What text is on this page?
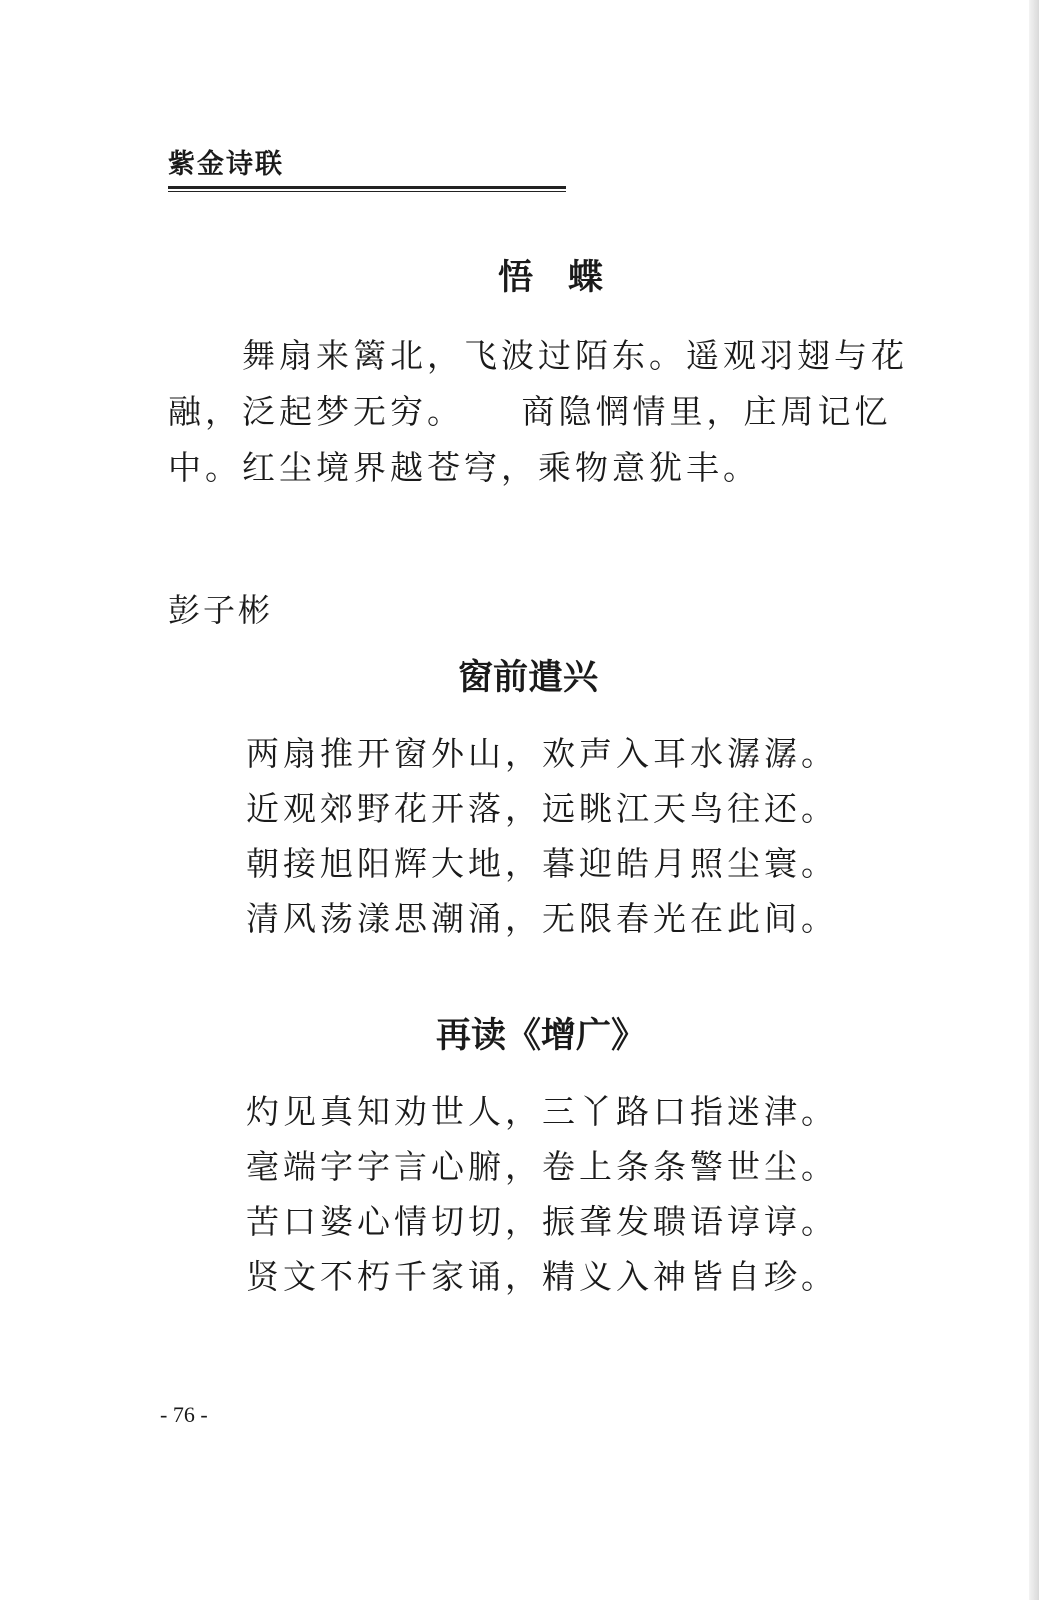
紫金诗联
悟　蝶

　　舞扇来篱北，飞波过陌东。遥观羽翅与花

融，泛起梦无穷。　　商隐惘情里，庄周记忆

中。红尘境界越苍穹，乘物意犹丰。

彭子彬
窗前遣兴

两扇推开窗外山，欢声入耳水潺潺。

近观郊野花开落，远眺江天鸟往还。

朝接旭阳辉大地，暮迎皓月照尘寰。

清风荡漾思潮涌，无限春光在此间。

再读《增广》

灼见真知劝世人，三丫路口指迷津。

毫端字字言心腑，卷上条条警世尘。

苦口婆心情切切，振聋发聩语谆谆。

贤文不朽千家诵，精义入神皆自珍。

- 76 -
